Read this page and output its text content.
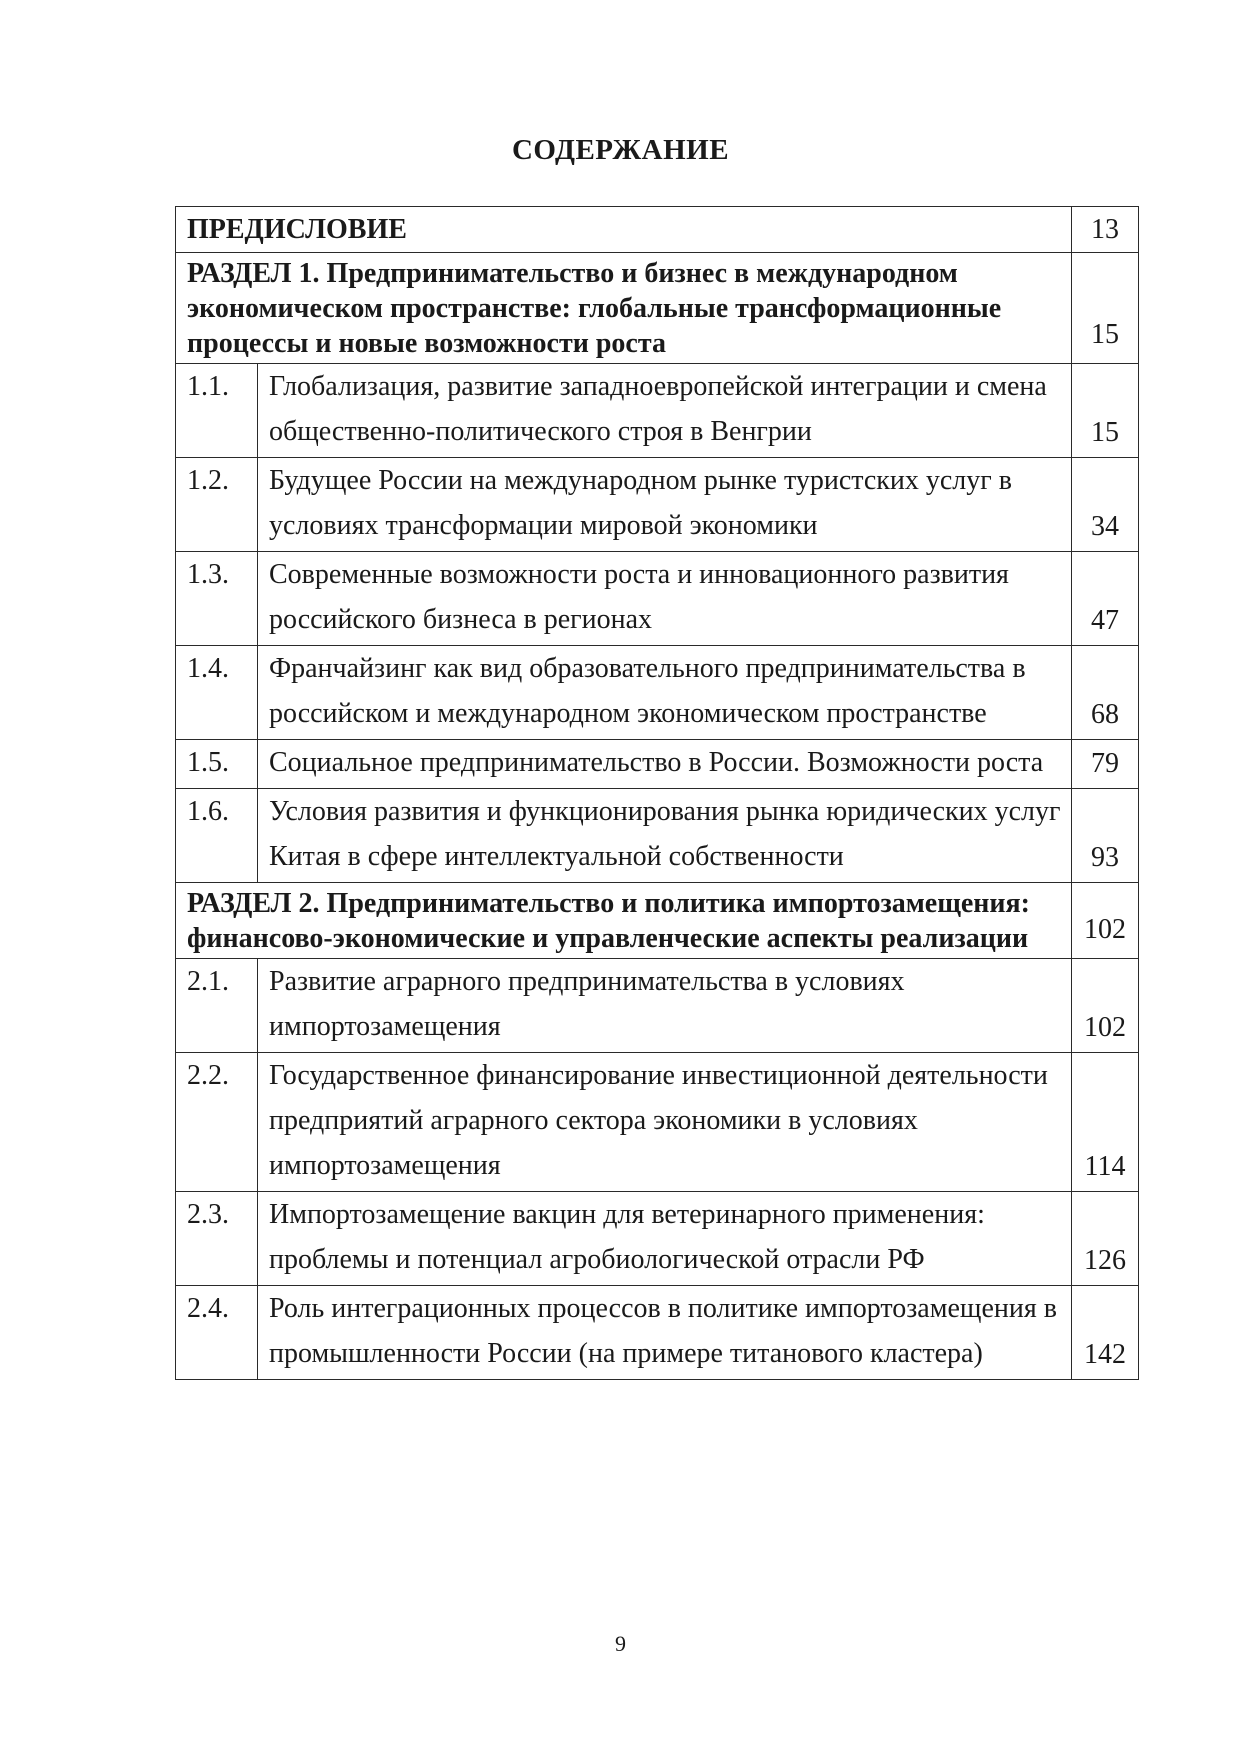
СОДЕРЖАНИЕ
ПРЕДИСЛОВИЕ		13
РАЗДЕЛ 1. Предпринимательство и бизнес в международном экономическом пространстве: глобальные трансформационные процессы и новые возможности роста		15
1.1.	Глобализация, развитие западноевропейской интеграции и смена общественно-политического строя в Венгрии	15
1.2.	Будущее России на международном рынке туристских услуг в условиях трансформации мировой экономики	34
1.3.	Современные возможности роста и инновационного развития российского бизнеса в регионах	47
1.4.	Франчайзинг как вид образовательного предпринимательства в российском и международном экономическом пространстве	68
1.5.	Социальное предпринимательство в России. Возможности роста	79
1.6.	Условия развития и функционирования рынка юридических услуг Китая в сфере интеллектуальной собственности	93
РАЗДЕЛ 2. Предпринимательство и политика импортозамещения: финансово-экономические и управленческие аспекты реализации		102
2.1.	Развитие аграрного предпринимательства в условиях импортозамещения	102
2.2.	Государственное финансирование инвестиционной деятельности предприятий аграрного сектора экономики в условиях импортозамещения	114
2.3.	Импортозамещение вакцин для ветеринарного применения: проблемы и потенциал агробиологической отрасли РФ	126
2.4.	Роль интеграционных процессов в политике импортозамещения в промышленности России (на примере титанового кластера)	142
9
